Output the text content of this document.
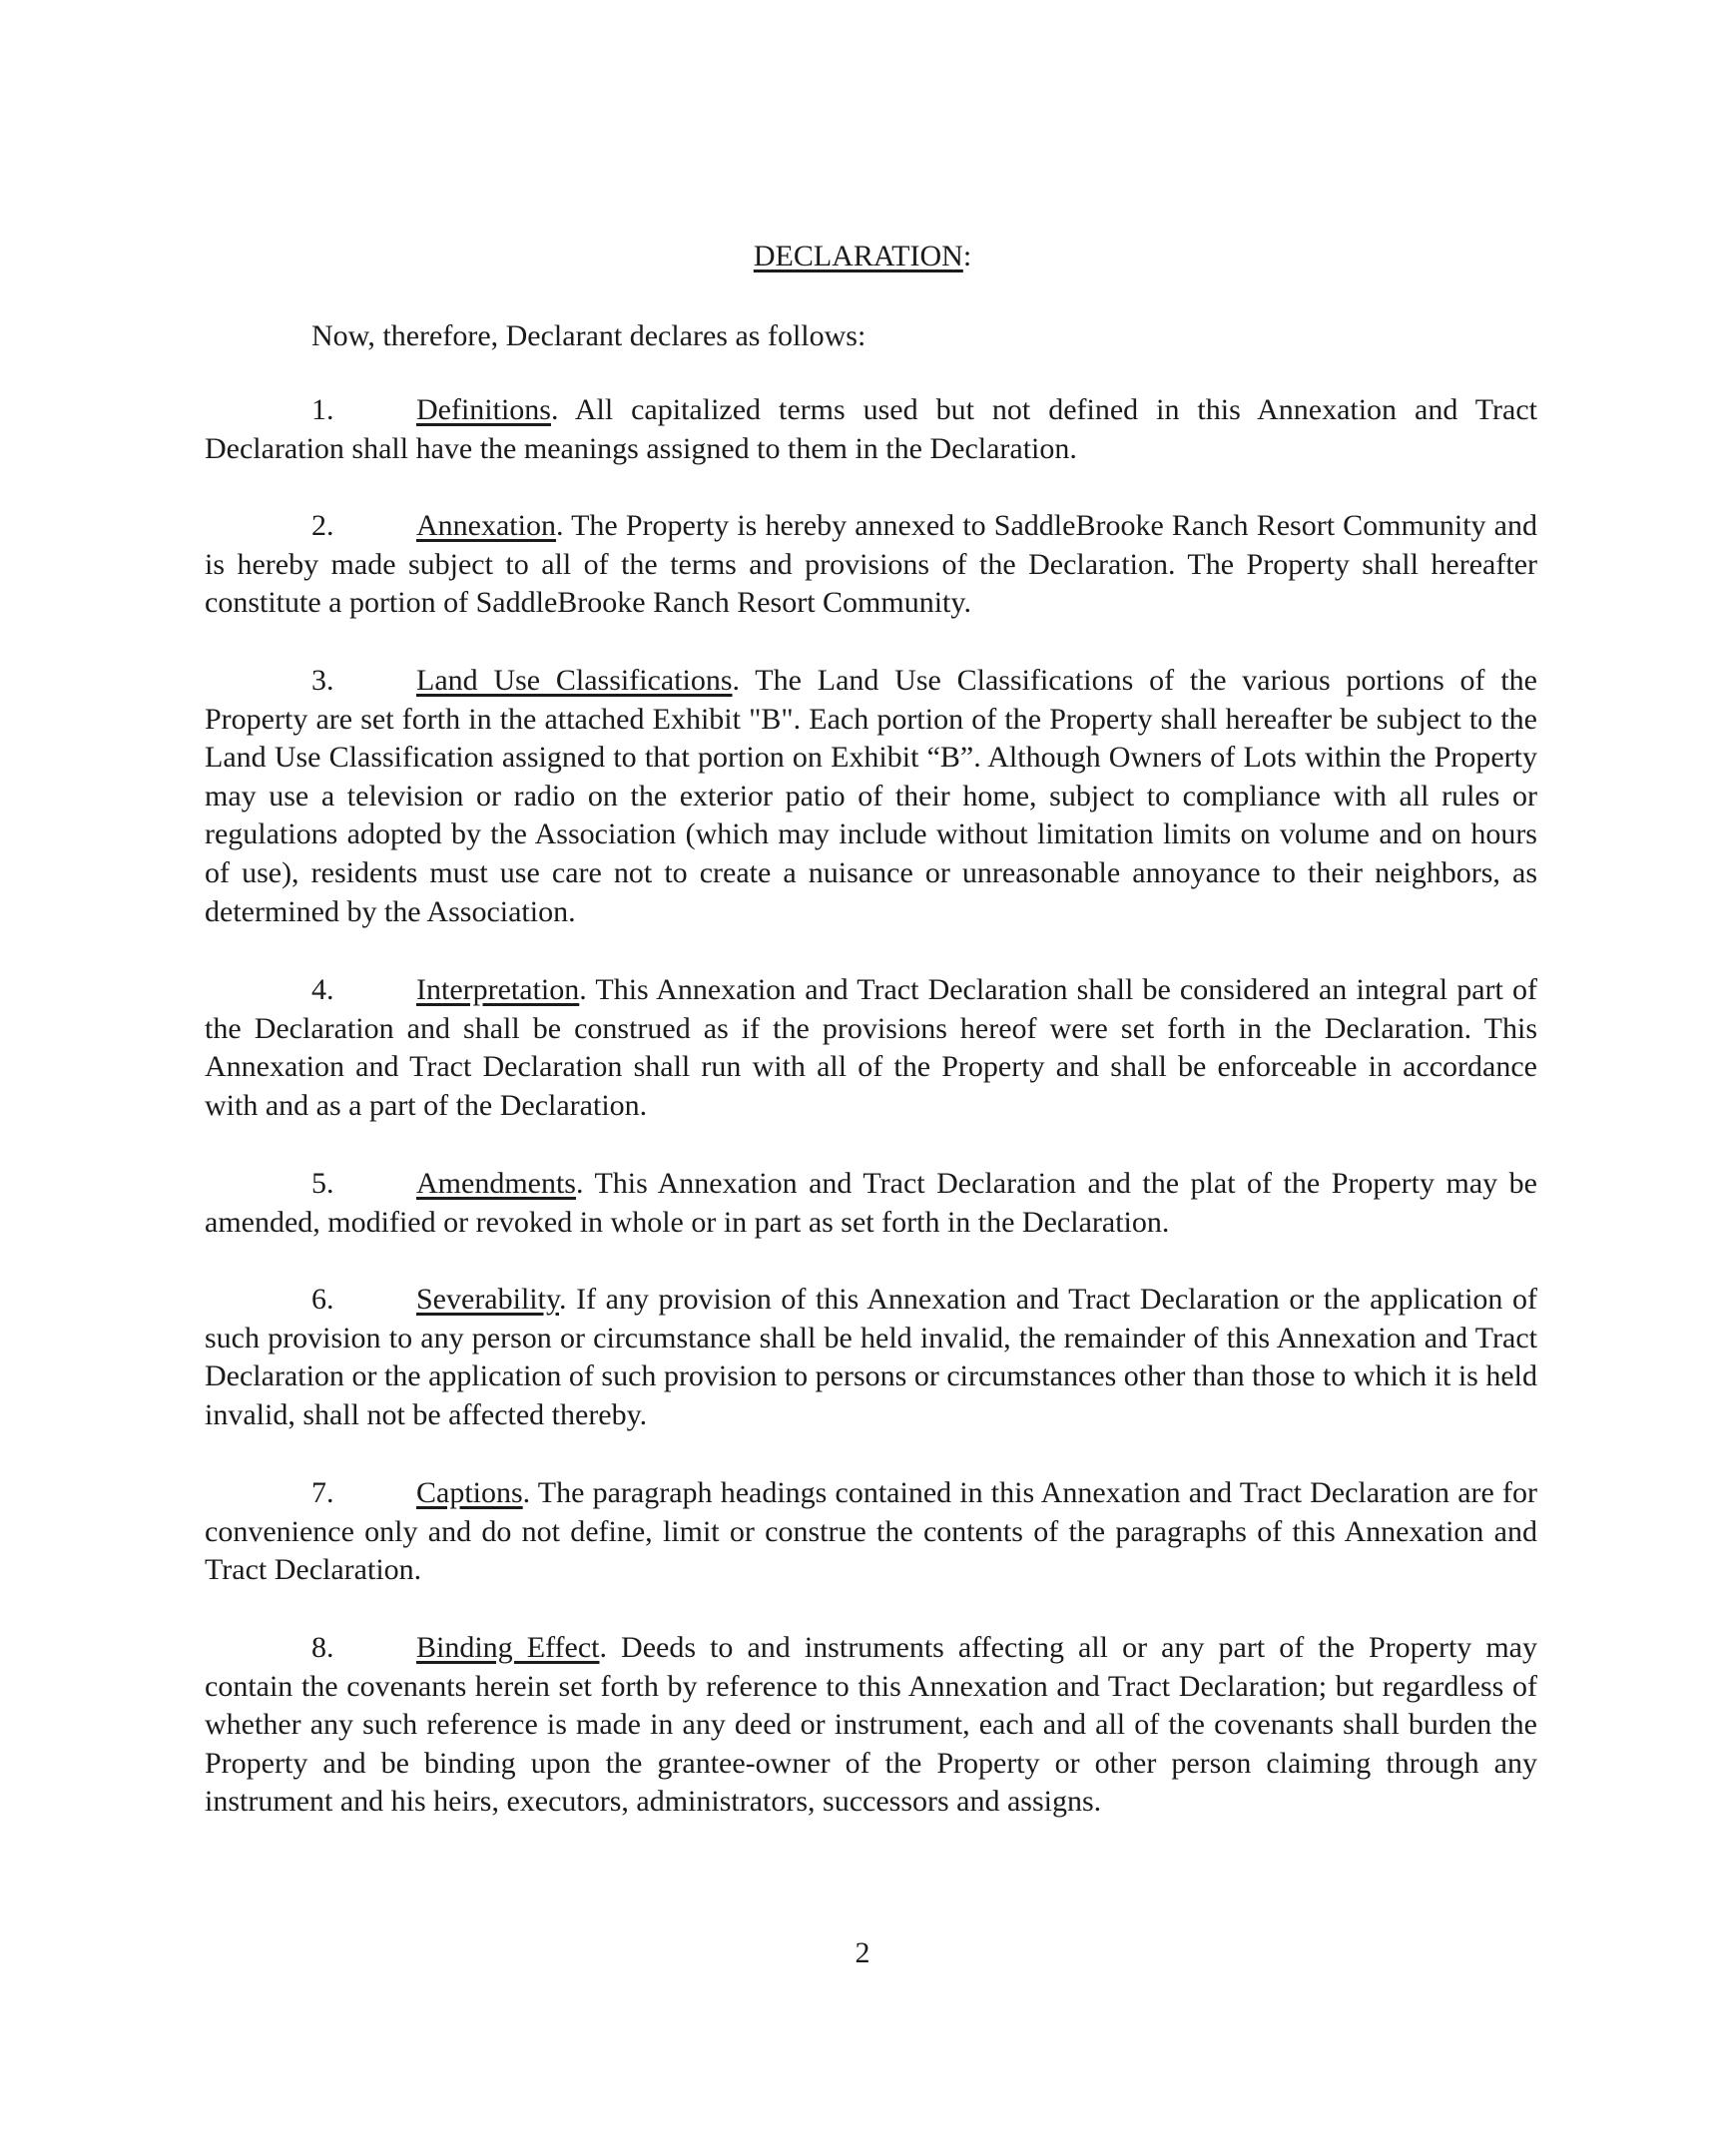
DECLARATION:
Now, therefore, Declarant declares as follows:

1.	Definitions. All capitalized terms used but not defined in this Annexation and Tract Declaration shall have the meanings assigned to them in the Declaration.

2.	Annexation. The Property is hereby annexed to SaddleBrooke Ranch Resort Community and is hereby made subject to all of the terms and provisions of the Declaration. The Property shall hereafter constitute a portion of SaddleBrooke Ranch Resort Community.

3.	Land Use Classifications. The Land Use Classifications of the various portions of the Property are set forth in the attached Exhibit "B". Each portion of the Property shall hereafter be subject to the Land Use Classification assigned to that portion on Exhibit “B”. Although Owners of Lots within the Property may use a television or radio on the exterior patio of their home, subject to compliance with all rules or regulations adopted by the Association (which may include without limitation limits on volume and on hours of use), residents must use care not to create a nuisance or unreasonable annoyance to their neighbors, as determined by the Association.

4.	Interpretation. This Annexation and Tract Declaration shall be considered an integral part of the Declaration and shall be construed as if the provisions hereof were set forth in the Declaration. This Annexation and Tract Declaration shall run with all of the Property and shall be enforceable in accordance with and as a part of the Declaration.

5.	Amendments. This Annexation and Tract Declaration and the plat of the Property may be amended, modified or revoked in whole or in part as set forth in the Declaration.

6.	Severability. If any provision of this Annexation and Tract Declaration or the application of such provision to any person or circumstance shall be held invalid, the remainder of this Annexation and Tract Declaration or the application of such provision to persons or circumstances other than those to which it is held invalid, shall not be affected thereby.

7.	Captions. The paragraph headings contained in this Annexation and Tract Declaration are for convenience only and do not define, limit or construe the contents of the paragraphs of this Annexation and Tract Declaration.

8.	Binding Effect. Deeds to and instruments affecting all or any part of the Property may contain the covenants herein set forth by reference to this Annexation and Tract Declaration; but regardless of whether any such reference is made in any deed or instrument, each and all of the covenants shall burden the Property and be binding upon the grantee-owner of the Property or other person claiming through any instrument and his heirs, executors, administrators, successors and assigns.

2
